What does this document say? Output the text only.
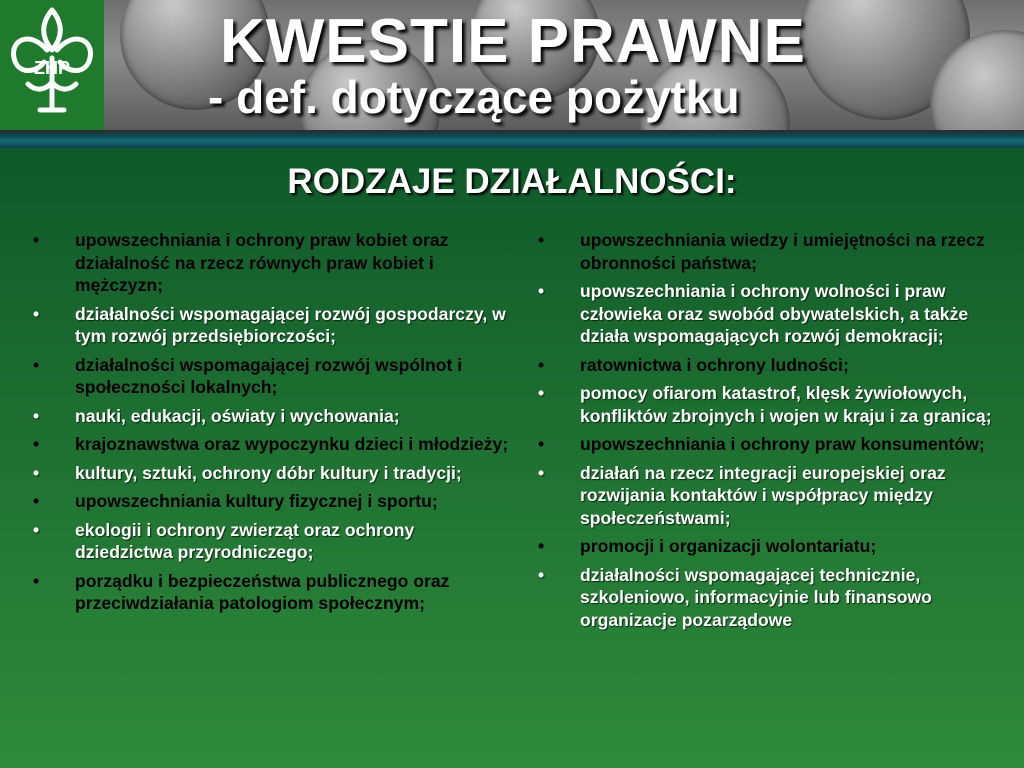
ZHP KWESTIE PRAWNE
- def. dotyczące pożytku
RODZAJE DZIAŁALNOŚCI:
• upowszechniania i ochrony praw kobiet oraz działalność na rzecz równych praw kobiet i mężczyzn;
• działalności wspomagającej rozwój gospodarczy, w tym rozwój przedsiębiorczości;
• działalności wspomagającej rozwój wspólnot i społeczności lokalnych;
• nauki, edukacji, oświaty i wychowania;
• krajoznawstwa oraz wypoczynku dzieci i młodzieży;
• kultury, sztuki, ochrony dóbr kultury i tradycji;
• upowszechniania kultury fizycznej i sportu;
• ekologii i ochrony zwierząt oraz ochrony dziedzictwa przyrodniczego;
• porządku i bezpieczeństwa publicznego oraz przeciwdziałania patologiom społecznym;
• upowszechniania wiedzy i umiejętności na rzecz obronności państwa;
• upowszechniania i ochrony wolności i praw człowieka oraz swobód obywatelskich, a także działa wspomagających rozwój demokracji;
• ratownictwa i ochrony ludności;
• pomocy ofiarom katastrof, klęsk żywiołowych, konfliktów zbrojnych i wojen w kraju i za granicą;
• upowszechniania i ochrony praw konsumentów;
• działań na rzecz integracji europejskiej oraz rozwijania kontaktów i współpracy między społeczeństwami;
• promocji i organizacji wolontariatu;
• działalności wspomagającej technicznie, szkoleniowo, informacyjnie lub finansowo organizacje pozarządowe
